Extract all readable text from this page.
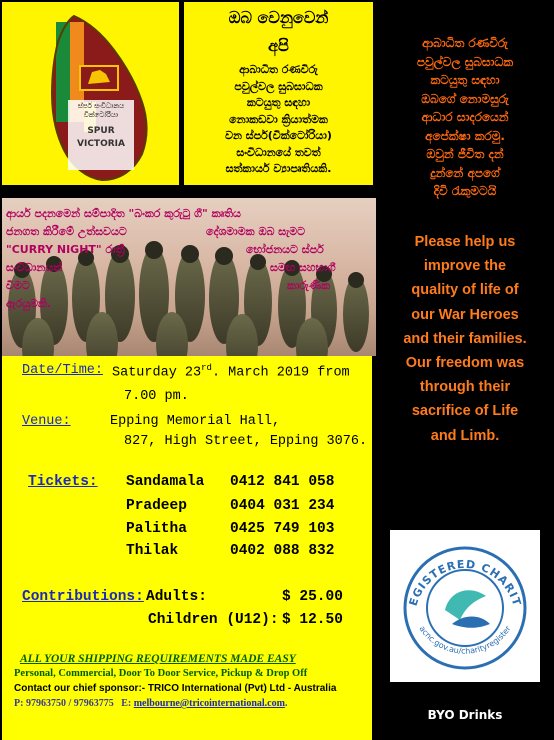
ස්පර් සංවිධානය වික්ටෝරියා
SPUR
VICTORIA
ඔබ වෙනුවෙන්
අපි
ආබාධිත රණවිරු
පවුල්වල සුබසාධක
කටයුතු සඳහා
නොකඩවා ක්‍රියාත්මක
වන ස්පර්(වික්ටෝරියා)
සංවිධානයේ තවත්
සත්කාර්ය ව්‍යාපෘතියකි.
ආබාධිත රණවිරු
පවුල්වල සුබසාධක
කටයුතු සඳහා
ඔබගේ නොමසුරු
ආධාර සාදරයෙන්
අපේක්ෂා කරමු.
ඔවුන් ජීවිත දන්
දුන්නේ අපගේ
දිවි රැකුමටයි
Please help us
improve the
quality of life of
our War Heroes
and their families.
Our freedom was
through their
sacrifice of Life
and Limb.
ආර්ය පදනමෙන් සම්පාදිත "බංකර කුරුටු ගී" කෘතිය
ජනගත කිරීමේ උත්සවයට	දේශමාමක ඔබ සැමට
"CURRY NIGHT" රාත්‍රී	භෝජනයට ස්පර්
සංවිධානයත්	සමඟ සහභාගී
වීමට	කාරුණික
ඇරයුමකි.
Date/Time: Saturday 23rd. March 2019 from
7.00 pm.
Venue:	Epping Memorial Hall,
827, High Street, Epping 3076.
Tickets: Sandamala 0412 841 058
Pradeep	0404 031 234
Palitha	0425 749 103
Thilak	0402 088 832
Contributions: Adults:	$ 25.00
Children (U12): $ 12.50
ALL YOUR SHIPPING REQUIREMENTS MADE EASY
Personal, Commercial, Door To Door Service, Pickup & Drop Off
Contact our chief sponsor:- TRICO International (Pvt) Ltd - Australia
P: 97963750 / 97963775 E: melbourne@tricointernational.com.
EGISTERED CHARIT
acnc.gov.au/charityregister
BYO Drinks
